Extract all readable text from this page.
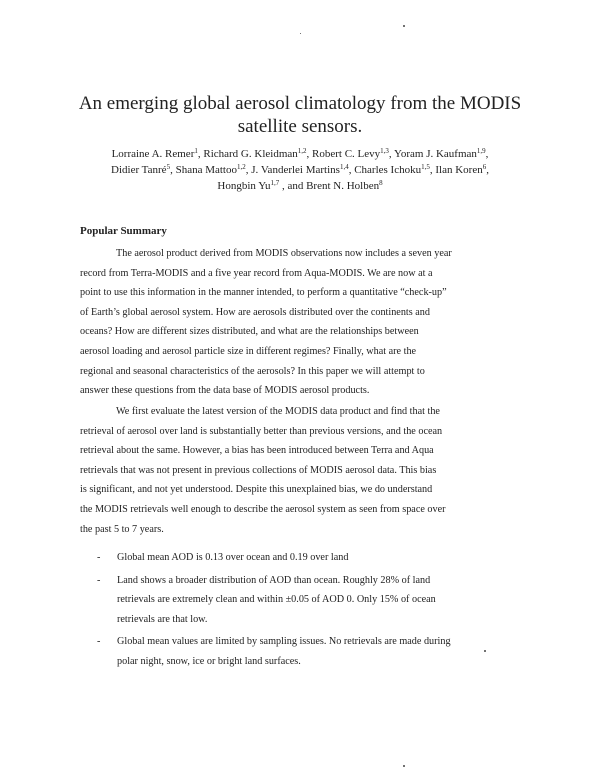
An emerging global aerosol climatology from the MODIS
satellite sensors.
Lorraine A. Remer$^1$, Richard G. Kleidman$^{1,2}$, Robert C. Levy$^{1,3}$, Yoram J. Kaufman$^{1,9}$,
Didier Tanré$^5$, Shana Mattoo$^{1,2}$, J. Vanderlei Martins$^{1,4}$, Charles Ichoku$^{1,5}$, Ilan Koren$^6$,
Hongbin Yu$^{1,7}$ , and Brent N. Holben$^8$
Popular Summary

The aerosol product derived from MODIS observations now includes a seven year
record from Terra-MODIS and a five year record from Aqua-MODIS. We are now at a
point to use this information in the manner intended, to perform a quantitative “check-up”
of Earth’s global aerosol system. How are aerosols distributed over the continents and
oceans? How are different sizes distributed, and what are the relationships between
aerosol loading and aerosol particle size in different regimes? Finally, what are the
regional and seasonal characteristics of the aerosols? In this paper we will attempt to
answer these questions from the data base of MODIS aerosol products.

We first evaluate the latest version of the MODIS data product and find that the
retrieval of aerosol over land is substantially better than previous versions, and the ocean
retrieval about the same. However, a bias has been introduced between Terra and Aqua
retrievals that was not present in previous collections of MODIS aerosol data. This bias
is significant, and not yet understood. Despite this unexplained bias, we do understand
the MODIS retrievals well enough to describe the aerosol system as seen from space over
the past 5 to 7 years.

- Global mean AOD is 0.13 over ocean and 0.19 over land
- Land shows a broader distribution of AOD than ocean. Roughly 28% of land
retrievals are extremely clean and within ±0.05 of AOD 0. Only 15% of ocean
retrievals are that low.
- Global mean values are limited by sampling issues. No retrievals are made during
polar night, snow, ice or bright land surfaces.
